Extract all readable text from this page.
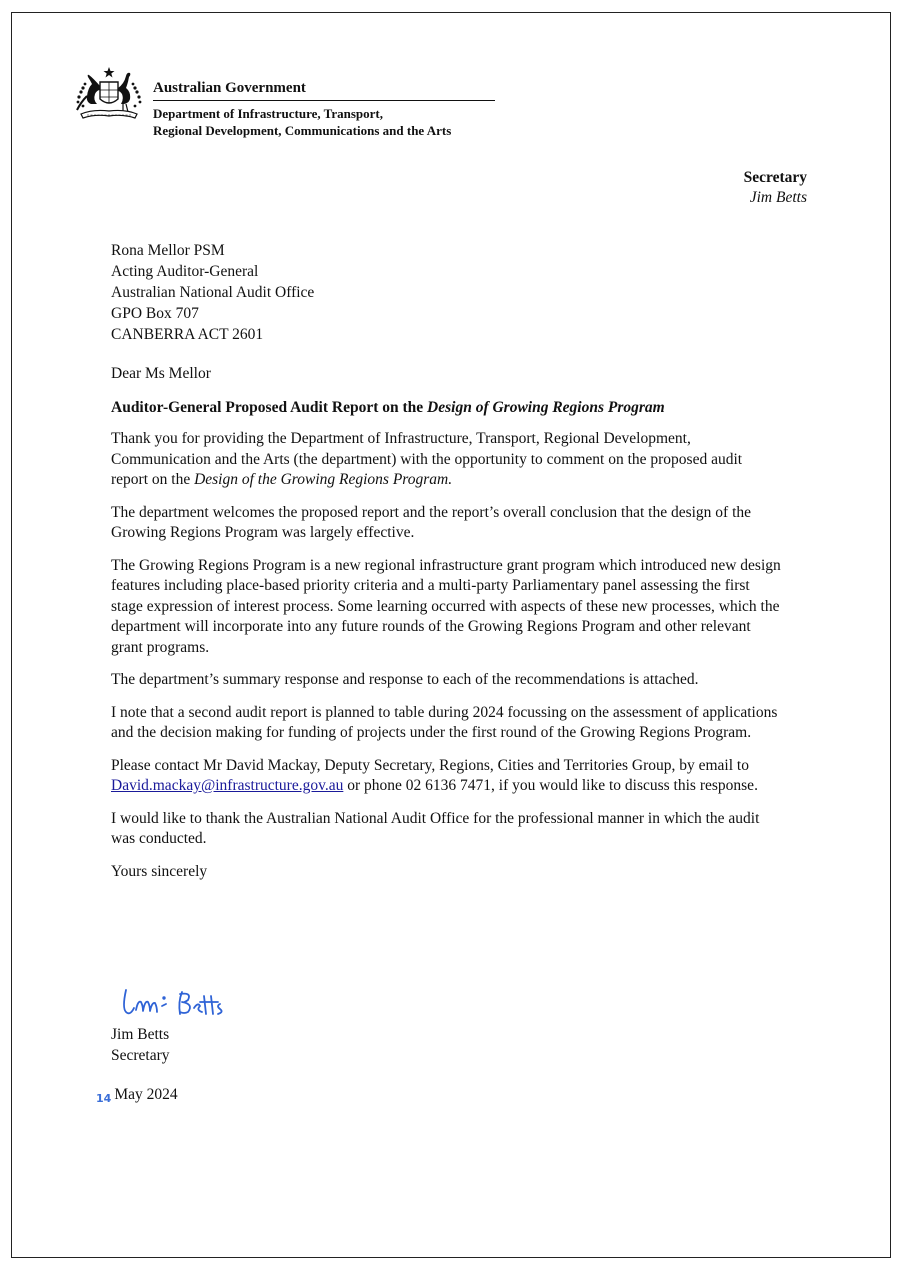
Australian Government
Department of Infrastructure, Transport,
Regional Development, Communications and the Arts
Secretary
Jim Betts
Rona Mellor PSM
Acting Auditor-General
Australian National Audit Office
GPO Box 707
CANBERRA ACT 2601

Dear Ms Mellor

Auditor-General Proposed Audit Report on the Design of Growing Regions Program

Thank you for providing the Department of Infrastructure, Transport, Regional Development, Communication and the Arts (the department) with the opportunity to comment on the proposed audit report on the Design of the Growing Regions Program.

The department welcomes the proposed report and the report’s overall conclusion that the design of the Growing Regions Program was largely effective.

The Growing Regions Program is a new regional infrastructure grant program which introduced new design features including place-based priority criteria and a multi-party Parliamentary panel assessing the first stage expression of interest process. Some learning occurred with aspects of these new processes, which the department will incorporate into any future rounds of the Growing Regions Program and other relevant grant programs.

The department’s summary response and response to each of the recommendations is attached.

I note that a second audit report is planned to table during 2024 focussing on the assessment of applications and the decision making for funding of projects under the first round of the Growing Regions Program.

Please contact Mr David Mackay, Deputy Secretary, Regions, Cities and Territories Group, by email to David.mackay@infrastructure.gov.au or phone 02 6136 7471, if you would like to discuss this response.

I would like to thank the Australian National Audit Office for the professional manner in which the audit was conducted.

Yours sincerely

Jim Betts
Secretary
14 May 2024
